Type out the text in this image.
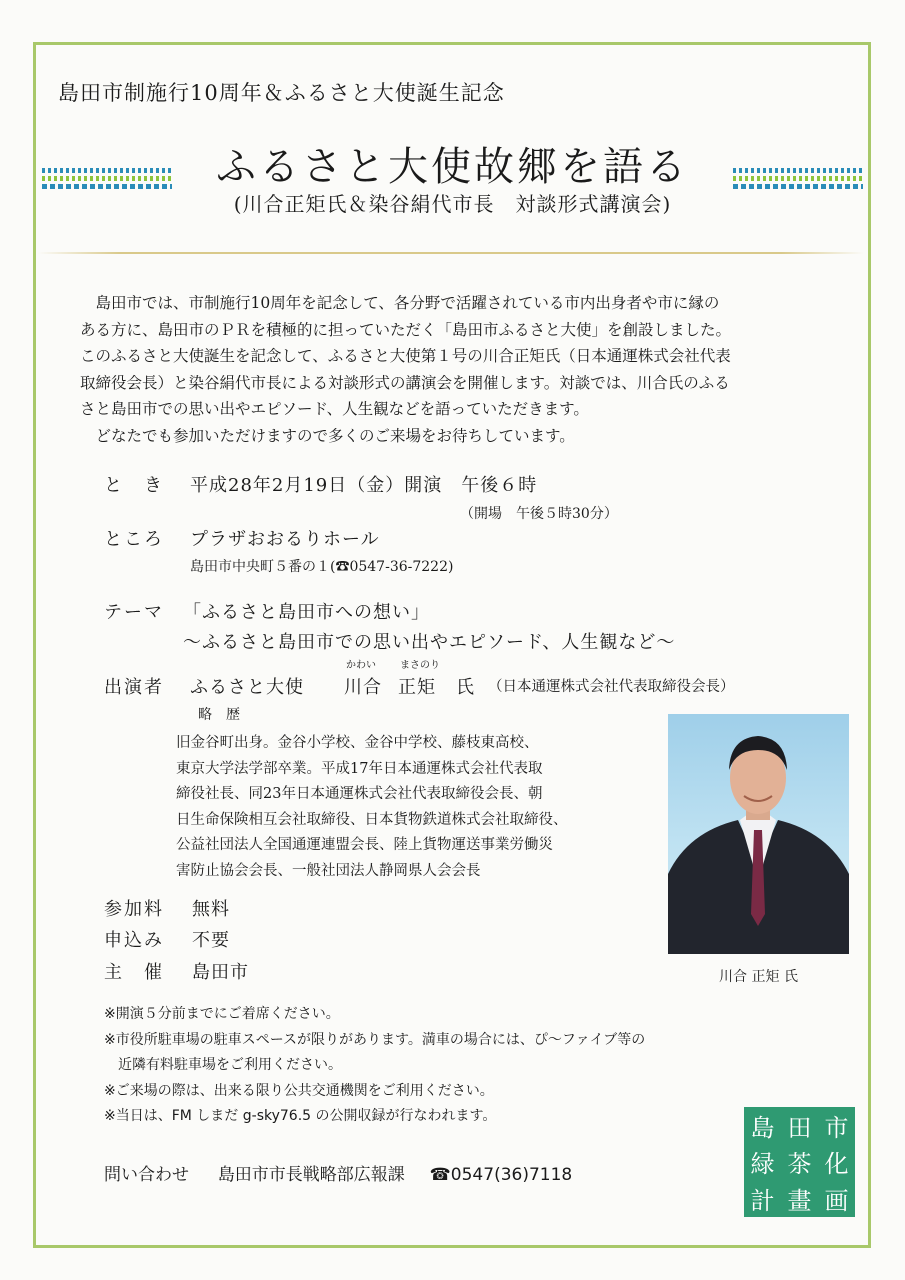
島田市制施行10周年＆ふるさと大使誕生記念
ふるさと大使故郷を語る
(川合正矩氏＆染谷絹代市長　対談形式講演会)

島田市では、市制施行10周年を記念して、各分野で活躍されている市内出身者や市に縁の

ある方に、島田市のＰＲを積極的に担っていただく「島田市ふるさと大使」を創設しました。

このふるさと大使誕生を記念して、ふるさと大使第１号の川合正矩氏（日本通運株式会社代表

取締役会長）と染谷絹代市長による対談形式の講演会を開催します。対談では、川合氏のふる

さと島田市での思い出やエピソード、人生観などを語っていただきます。

　どなたでも参加いただけますので多くのご来場をお待ちしています。

と　き 平成28年2月19日（金）開演　午後６時
（開場　午後５時30分）
ところ プラザおおるりホール
島田市中央町５番の１(☎0547-36-7222)
テーマ 「ふるさと島田市への想い」
～ふるさと島田市での思い出やエピソード、人生観など～
出演者 ふるさと大使
かわい まさのり
川合 正矩 氏 （日本通運株式会社代表取締役会長）
略　歴

旧金谷町出身。金谷小学校、金谷中学校、藤枝東高校、

東京大学法学部卒業。平成17年日本通運株式会社代表取

締役社長、同23年日本通運株式会社代表取締役会長、朝

日生命保険相互会社取締役、日本貨物鉄道株式会社取締役、

公益社団法人全国通運連盟会長、陸上貨物運送事業労働災

害防止協会会長、一般社団法人静岡県人会会長

川合 正矩 氏
参加料 無料
申込み 不要
主　催 島田市

※開演５分前までにご着席ください。

※市役所駐車場の駐車スペースが限りがあります。満車の場合には、ぴ～ファイブ等の

　近隣有料駐車場をご利用ください。

※ご来場の際は、出来る限り公共交通機関をご利用ください。

※当日は、FM しまだ g-sky76.5 の公開収録が行なわれます。

問い合わせ 島田市市長戦略部広報課 ☎0547(36)7118
島
緑
計
田
茶
畫
市
化
画
